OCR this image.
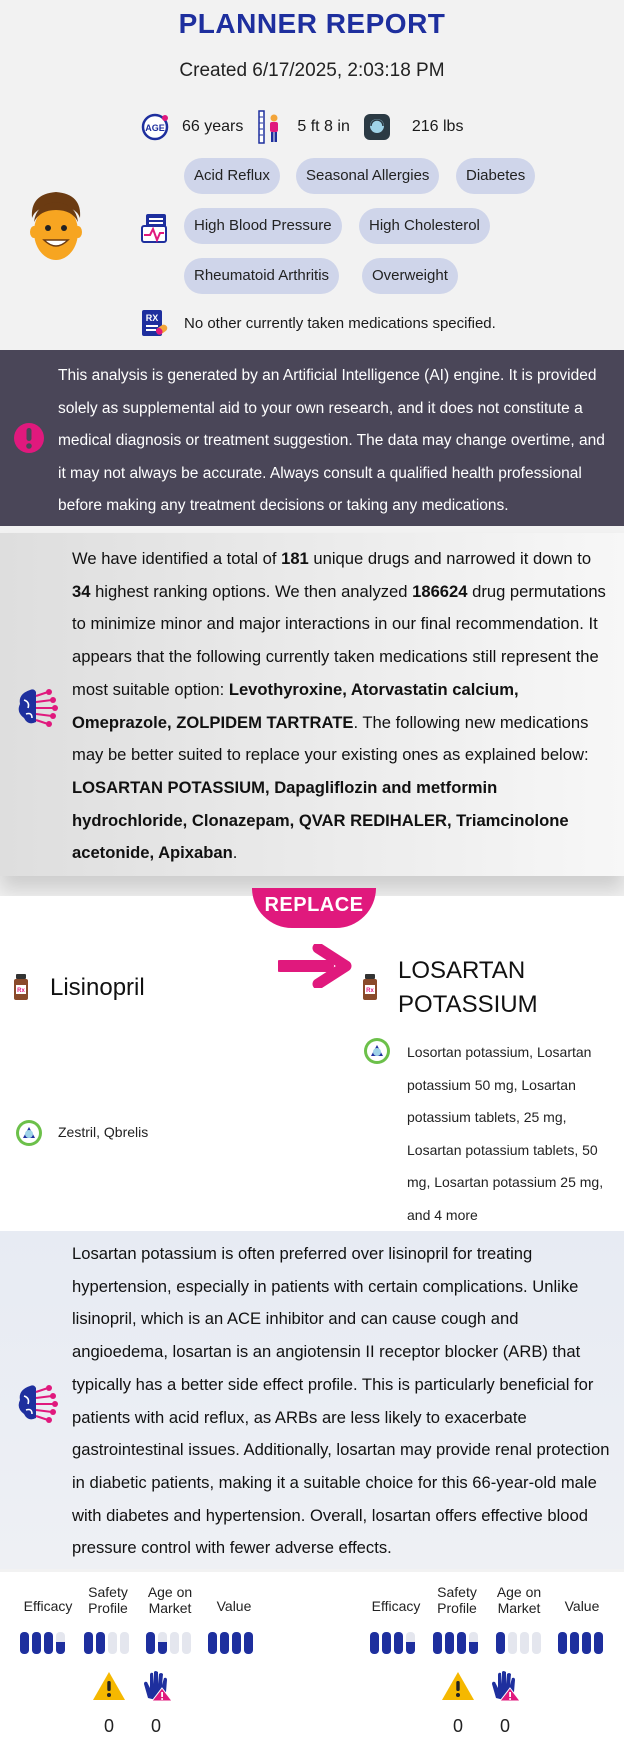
PLANNER REPORT
Created 6/17/2025, 2:03:18 PM
AGE 66 years	5 ft 8 in	216 lbs
Acid Reflux	Seasonal Allergies	Diabetes
High Blood Pressure	High Cholesterol
Rheumatoid Arthritis	Overweight
RX No other currently taken medications specified.

This analysis is generated by an Artificial Intelligence (AI) engine. It is provided solely as supplemental aid to your own research, and it does not constitute a medical diagnosis or treatment suggestion. The data may change overtime, and it may not always be accurate. Always consult a qualified health professional before making any treatment decisions or taking any medications.

We have identified a total of 181 unique drugs and narrowed it down to 34 highest ranking options. We then analyzed 186624 drug permutations to minimize minor and major interactions in our final recommendation. It appears that the following currently taken medications still represent the most suitable option: Levothyroxine, Atorvastatin calcium, Omeprazole, ZOLPIDEM TARTRATE. The following new medications may be better suited to replace your existing ones as explained below: LOSARTAN POTASSIUM, Dapagliflozin and metformin hydrochloride, Clonazepam, QVAR REDIHALER, Triamcinolone acetonide, Apixaban.

REPLACE
Rx Lisinopril	Rx
LOSARTAN POTASSIUM
Losortan potassium, Losartan potassium 50 mg, Losartan potassium tablets, 25 mg, Losartan potassium tablets, 50 mg, Losartan potassium 25 mg, and 4 more
Zestril, Qbrelis

Losartan potassium is often preferred over lisinopril for treating hypertension, especially in patients with certain complications. Unlike lisinopril, which is an ACE inhibitor and can cause cough and angioedema, losartan is an angiotensin II receptor blocker (ARB) that typically has a better side effect profile. This is particularly beneficial for patients with acid reflux, as ARBs are less likely to exacerbate gastrointestinal issues. Additionally, losartan may provide renal protection in diabetic patients, making it a suitable choice for this 66-year-old male with diabetes and hypertension. Overall, losartan offers effective blood pressure control with fewer adverse effects.

Efficacy
Safety Profile
Age on Market	Value
0	0
Efficacy
Safety Profile
Age on Market	Value
0	0
